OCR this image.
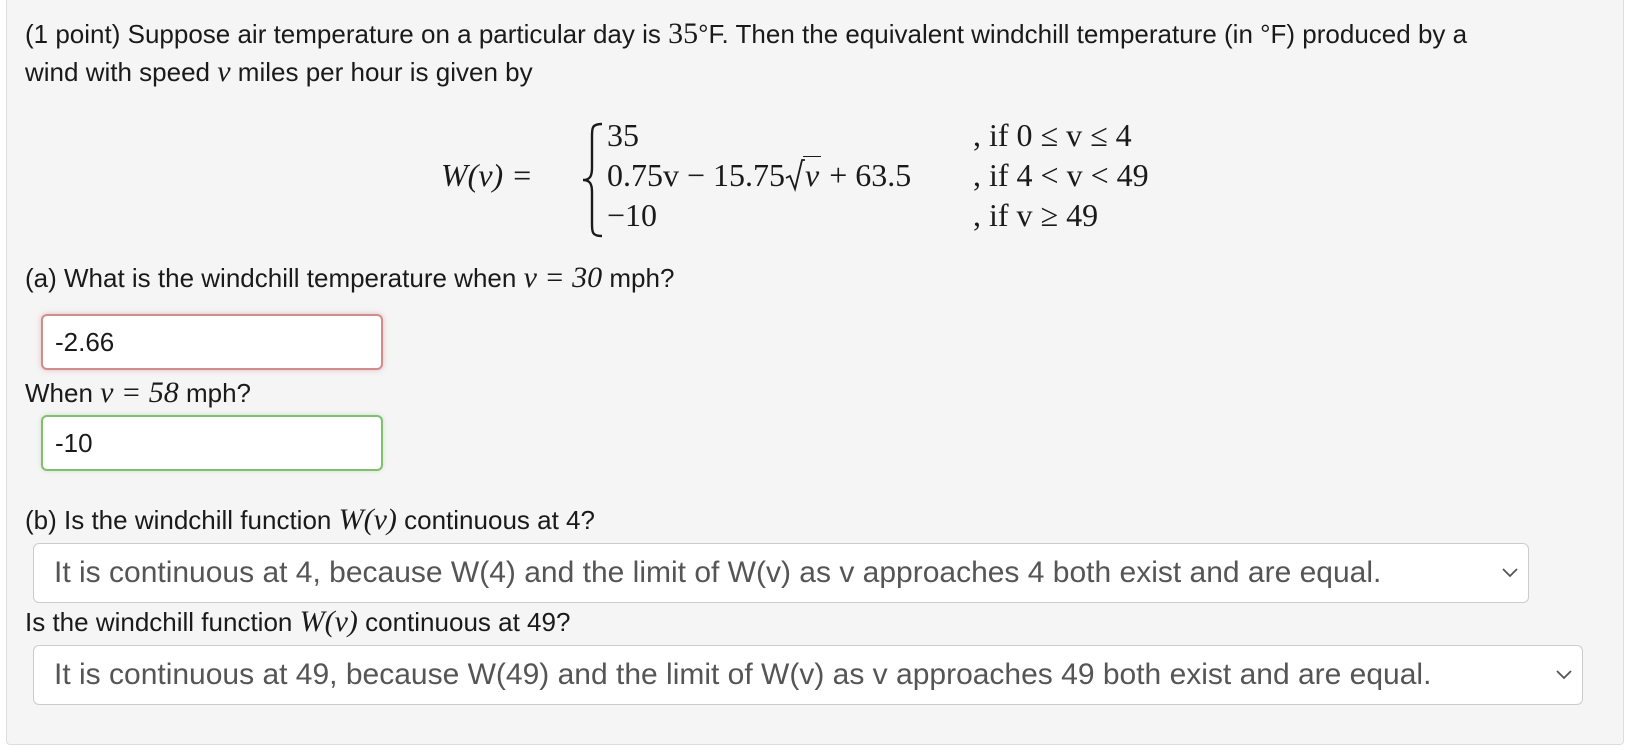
(1 point) Suppose air temperature on a particular day is 35°F. Then the equivalent windchill temperature (in °F) produced by a
wind with speed v miles per hour is given by
W(v) =
35
0.75v − 15.75 v + 63.5
−10
, if 0 ≤ v ≤ 4
, if 4 < v < 49
, if v ≥ 49
(a) What is the windchill temperature when v = 30 mph?
-2.66
When v = 58 mph?
-10
(b) Is the windchill function W(v) continuous at 4?
It is continuous at 4, because W(4) and the limit of W(v) as v approaches 4 both exist and are equal.
Is the windchill function W(v) continuous at 49?
It is continuous at 49, because W(49) and the limit of W(v) as v approaches 49 both exist and are equal.
